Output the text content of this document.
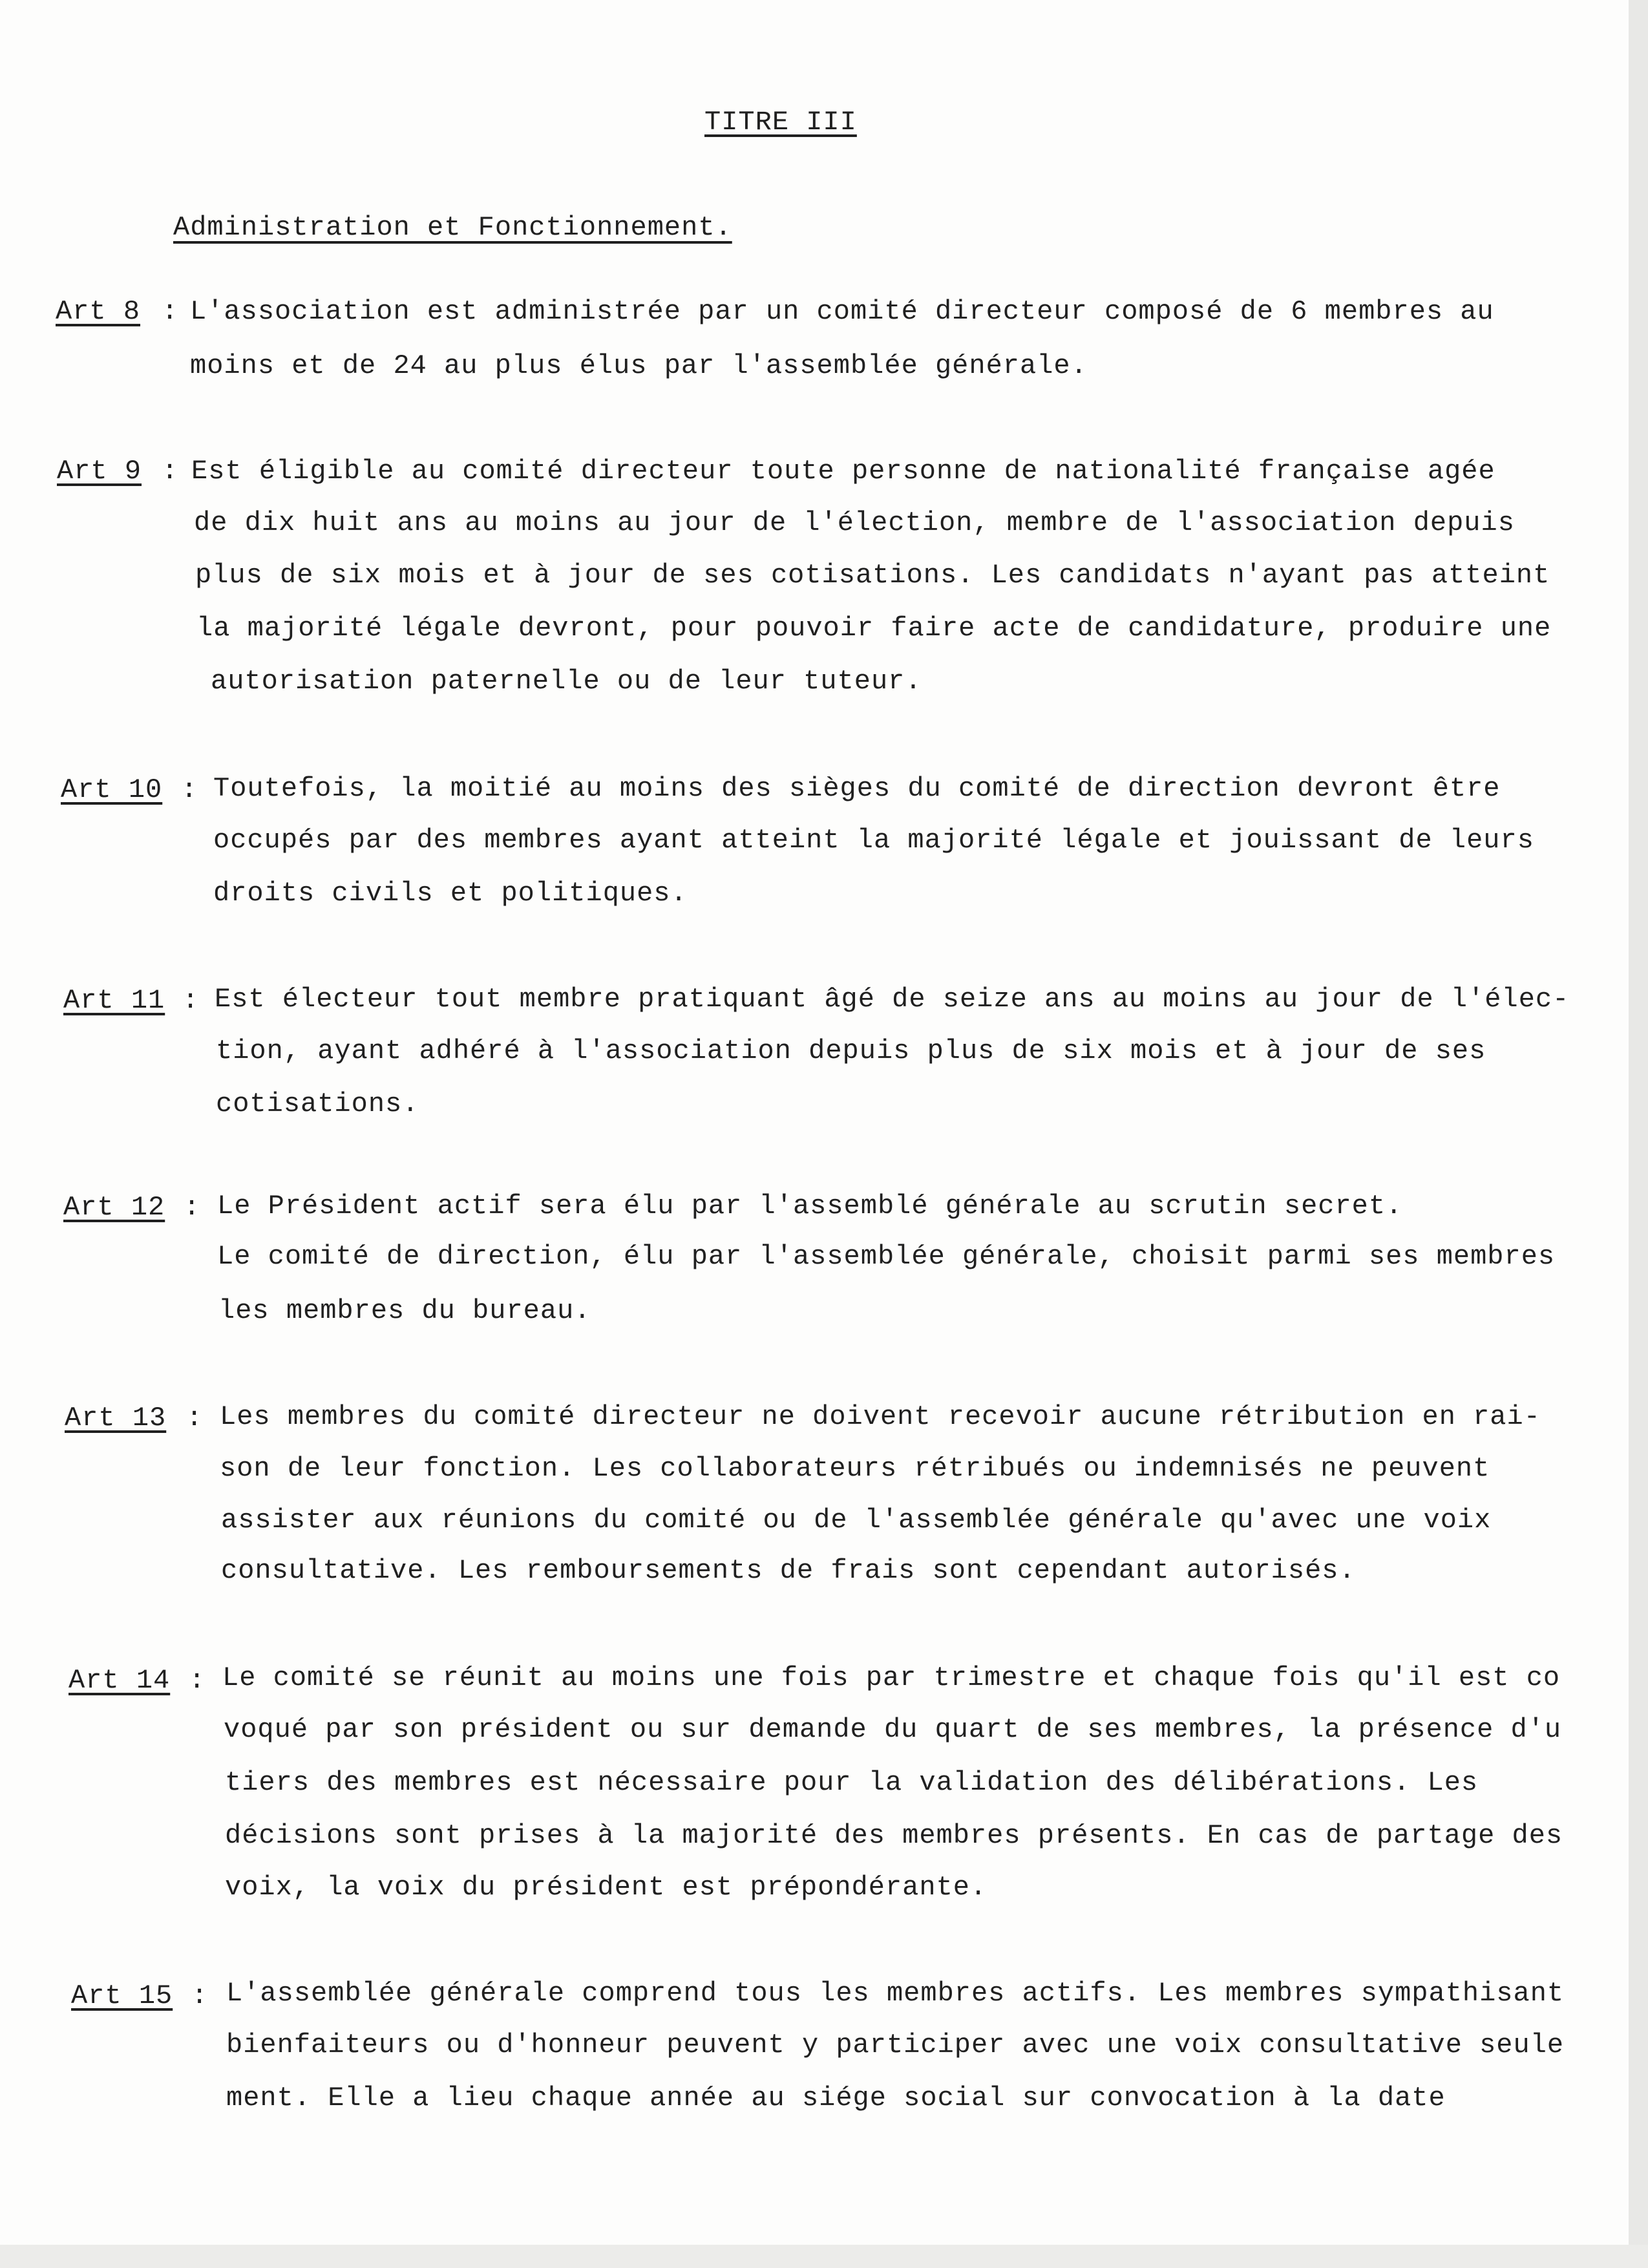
TITRE III
Administration et Fonctionnement.
Art 8 : L'association est administrée par un comité directeur composé de 6 membres au
moins et de 24 au plus élus par l'assemblée générale.
Art 9 : Est éligible au comité directeur toute personne de nationalité française agée
de dix huit ans au moins au jour de l'élection, membre de l'association depuis
plus de six mois et à jour de ses cotisations. Les candidats n'ayant pas atteint
la majorité légale devront, pour pouvoir faire acte de candidature, produire une
autorisation paternelle ou de leur tuteur.
Art 10 : Toutefois, la moitié au moins des sièges du comité de direction devront être
occupés par des membres ayant atteint la majorité légale et jouissant de leurs
droits civils et politiques.
Art 11 : Est électeur tout membre pratiquant âgé de seize ans au moins au jour de l'élec-
tion, ayant adhéré à l'association depuis plus de six mois et à jour de ses
cotisations.
Art 12 : Le Président actif sera élu par l'assemblé générale au scrutin secret.
Le comité de direction, élu par l'assemblée générale, choisit parmi ses membres
les membres du bureau.
Art 13 : Les membres du comité directeur ne doivent recevoir aucune rétribution en rai-
son de leur fonction. Les collaborateurs rétribués ou indemnisés ne peuvent
assister aux réunions du comité ou de l'assemblée générale qu'avec une voix
consultative. Les remboursements de frais sont cependant autorisés.
Art 14 : Le comité se réunit au moins une fois par trimestre et chaque fois qu'il est co
voqué par son président ou sur demande du quart de ses membres, la présence d'u
tiers des membres est nécessaire pour la validation des délibérations. Les
décisions sont prises à la majorité des membres présents. En cas de partage des
voix, la voix du président est prépondérante.
Art 15 : L'assemblée générale comprend tous les membres actifs. Les membres sympathisant
bienfaiteurs ou d'honneur peuvent y participer avec une voix consultative seule
ment. Elle a lieu chaque année au siége social sur convocation à la date
